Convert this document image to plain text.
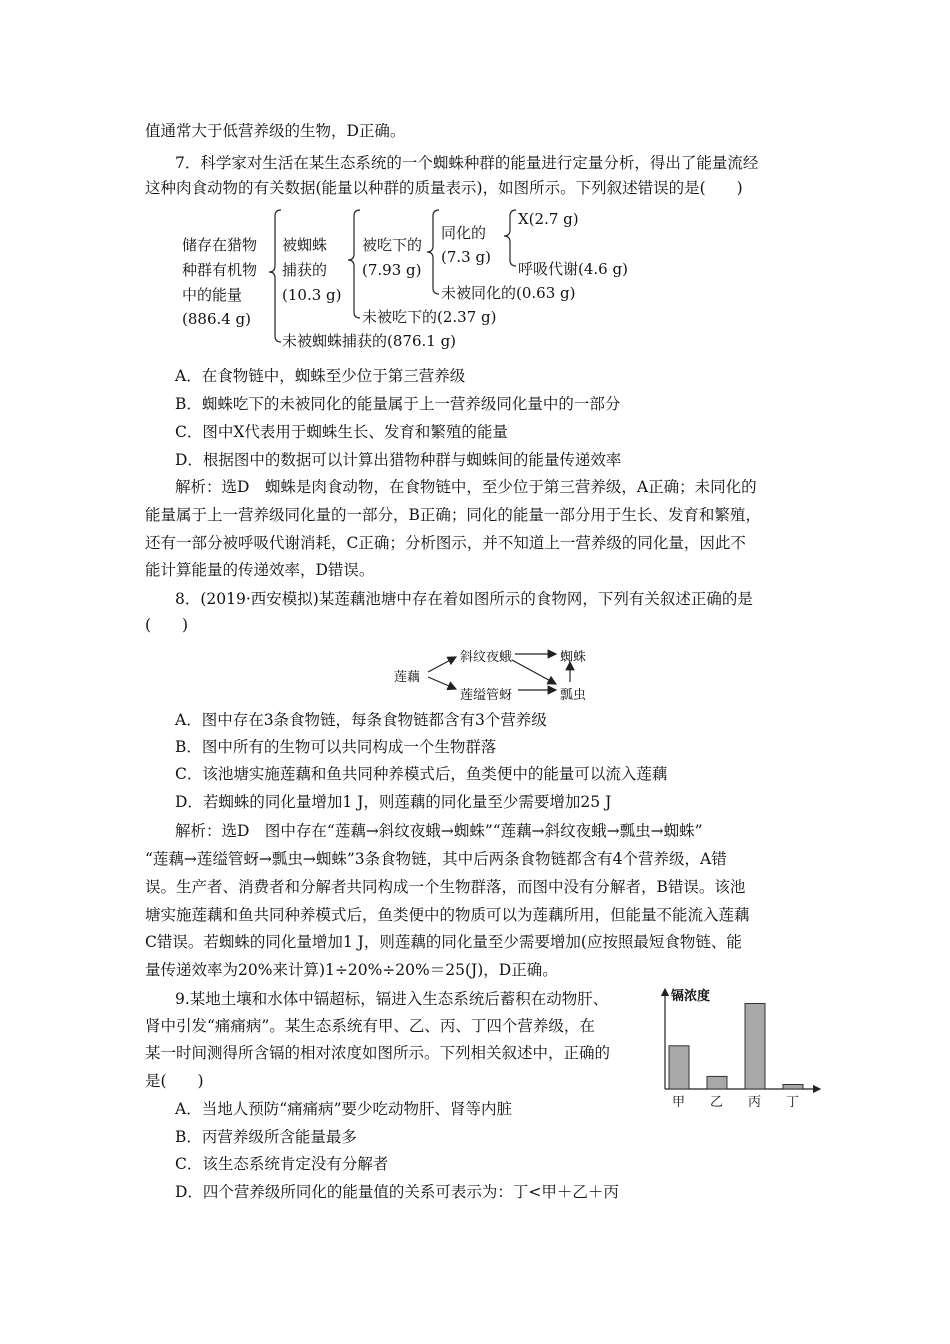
值通常大于低营养级的生物，D正确。
7．科学家对生活在某生态系统的一个蜘蛛种群的能量进行定量分析，得出了能量流经
这种肉食动物的有关数据(能量以种群的质量表示)，如图所示。下列叙述错误的是(　　)
储存在猎物
种群有机物
中的能量
(886.4 g)
被蜘蛛
捕获的
(10.3 g)
被吃下的
(7.93 g)
同化的
(7.3 g)
X(2.7 g)
呼吸代谢(4.6 g)
未被同化的(0.63 g)
未被吃下的(2.37 g)
未被蜘蛛捕获的(876.1 g)
A．在食物链中，蜘蛛至少位于第三营养级
B．蜘蛛吃下的未被同化的能量属于上一营养级同化量中的一部分
C．图中X代表用于蜘蛛生长、发育和繁殖的能量
D．根据图中的数据可以计算出猎物种群与蜘蛛间的能量传递效率
解析：选D　蜘蛛是肉食动物，在食物链中，至少位于第三营养级，A正确；未同化的
能量属于上一营养级同化量的一部分，B正确；同化的能量一部分用于生长、发育和繁殖，
还有一部分被呼吸代谢消耗，C正确；分析图示，并不知道上一营养级的同化量，因此不
能计算能量的传递效率，D错误。
8．(2019·西安模拟)某莲藕池塘中存在着如图所示的食物网，下列有关叙述正确的是
(　　)
莲藕
斜纹夜蛾	蜘蛛
莲缢管蚜	瓢虫
A．图中存在3条食物链，每条食物链都含有3个营养级
B．图中所有的生物可以共同构成一个生物群落
C．该池塘实施莲藕和鱼共同种养模式后，鱼类便中的能量可以流入莲藕
D．若蜘蛛的同化量增加1 J，则莲藕的同化量至少需要增加25 J
解析：选D　图中存在“莲藕→斜纹夜蛾→蜘蛛”“莲藕→斜纹夜蛾→瓢虫→蜘蛛”
“莲藕→莲缢管蚜→瓢虫→蜘蛛”3条食物链，其中后两条食物链都含有4个营养级，A错
误。生产者、消费者和分解者共同构成一个生物群落，而图中没有分解者，B错误。该池
塘实施莲藕和鱼共同种养模式后，鱼类便中的物质可以为莲藕所用，但能量不能流入莲藕
C错误。若蜘蛛的同化量增加1 J，则莲藕的同化量至少需要增加(应按照最短食物链、能
量传递效率为20%来计算)1÷20%÷20%＝25(J)，D正确。
9.某地土壤和水体中镉超标，镉进入生态系统后蓄积在动物肝、
肾中引发“痛痛病”。某生态系统有甲、乙、丙、丁四个营养级，在
某一时间测得所含镉的相对浓度如图所示。下列相关叙述中，正确的
是(　　)
A．当地人预防“痛痛病”要少吃动物肝、肾等内脏
B．丙营养级所含能量最多
C．该生态系统肯定没有分解者
D．四个营养级所同化的能量值的关系可表示为：丁<甲＋乙＋丙
镉浓度
甲 乙 丙 丁
